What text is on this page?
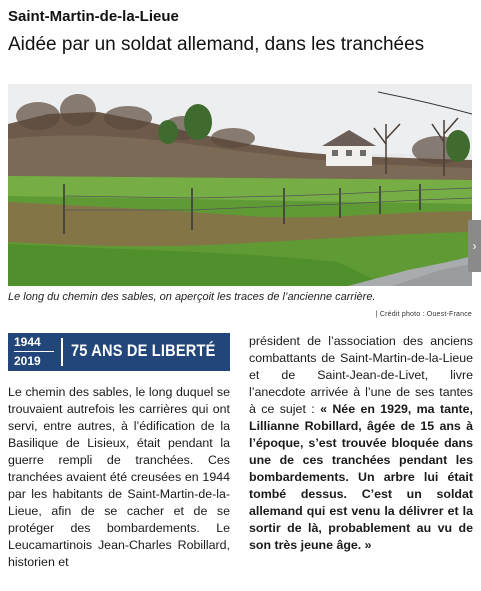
Saint-Martin-de-la-Lieue
Aidée par un soldat allemand, dans les tranchées
›
Le long du chemin des sables, on aperçoit les traces de l’ancienne carrière.
| Crédit photo : Ouest-France
1944
2019
75 ANS DE LIBERTÉ
Le chemin des sables, le long duquel se trouvaient autrefois les carrières qui ont servi, entre autres, à l’édification de la Basilique de Lisieux, était pendant la guerre rempli de tranchées. Ces tranchées avaient été creusées en 1944 par les habitants de Saint-Martin-de-la-Lieue, afin de se cacher et de se protéger des bombardements. Le Leucamartinois Jean-Charles Robillard, historien et
président de l’association des anciens combattants de Saint-Martin-de-la-Lieue et de Saint-Jean-de-Livet, livre l’anecdote arrivée à l’une de ses tantes à ce sujet : « Née en 1929, ma tante, Lillianne Robillard, âgée de 15 ans à l’époque, s’est trouvée bloquée dans une de ces tranchées pendant les bombardements. Un arbre lui était tombé dessus. C’est un soldat allemand qui est venu la délivrer et la sortir de là, probablement au vu de son très jeune âge. »
